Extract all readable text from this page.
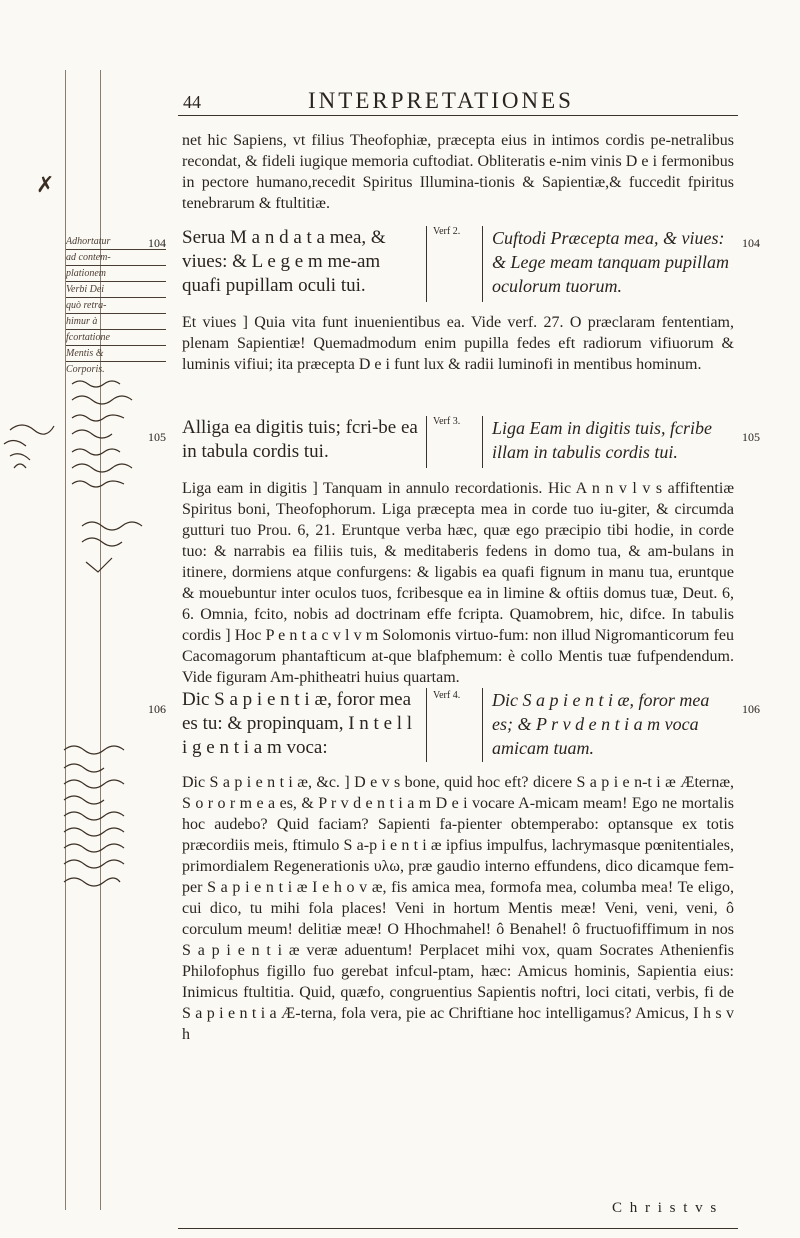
✗
Adhortatur
ad contem-
plationem
Verbi Dei
quò retra-
himur à
fcortatione
Mentis &
Corporis.
44	INTERPRETATIONES
net hic Sapiens, vt filius Theofophiæ, præcepta eius in intimos cordis pe-netralibus recondat, & fideli iugique memoria cuftodiat. Obliteratis e-nim vinis D e i fermonibus in pectore humano,recedit Spiritus Illumina-tionis & Sapientiæ,& fuccedit fpiritus tenebrarum & ftultitiæ.
Serua M a n d a t a mea, & viues: & L e g e m me-am quafi pupillam oculi tui.
Verf 2. Cuftodi Præcepta mea, & viues: & Lege meam tanquam pupillam oculorum tuorum.
104	104
Et viues ] Quia vita funt inuenientibus ea. Vide verf. 27. O præclaram fententiam, plenam Sapientiæ! Quemadmodum enim pupilla fedes eft radiorum vifiuorum & luminis vifiui; ita præcepta D e i funt lux & radii luminofi in mentibus hominum.
Alliga ea digitis tuis; fcri-be ea in tabula cordis tui.
Verf 3. Liga Eam in digitis tuis, fcribe illam in tabulis cordis tui.
105	105
Liga eam in digitis ] Tanquam in annulo recordationis. Hic A n n v l v s affiftentiæ Spiritus boni, Theofophorum. Liga præcepta mea in corde tuo iu-giter, & circumda gutturi tuo Prou. 6, 21. Eruntque verba hæc, quæ ego præcipio tibi hodie, in corde tuo: & narrabis ea filiis tuis, & meditaberis fedens in domo tua, & am-bulans in itinere, dormiens atque confurgens: & ligabis ea quafi fignum in manu tua, eruntque & mouebuntur inter oculos tuos, fcribesque ea in limine & oftiis domus tuæ, Deut. 6, 6. Omnia, fcito, nobis ad doctrinam effe fcripta. Quamobrem, hic, difce. In tabulis cordis ] Hoc P e n t a c v l v m Solomonis virtuo-fum: non illud Nigromanticorum feu Cacomagorum phantafticum at-que blafphemum: è collo Mentis tuæ fufpendendum. Vide figuram Am-phitheatri huius quartam.
Dic S a p i e n t i æ, foror mea es tu: & propinquam, I n t e l l i g e n t i a m voca:
Verf 4. Dic S a p i e n t i æ, foror mea es; & P r v d e n t i a m voca amicam tuam.
106	106
Dic S a p i e n t i æ, &c. ] D e v s bone, quid hoc eft? dicere S a p i e n-t i æ Æternæ, S o r o r m e a es, & P r v d e n t i a m D e i vocare A-micam meam! Ego ne mortalis hoc audebo? Quid faciam? Sapienti fa-pienter obtemperabo: optansque ex totis præcordiis meis, ftimulo S a-p i e n t i æ ipfius impulfus, lachrymasque pœnitentiales, primordialem Regenerationis υλω, præ gaudio interno effundens, dico dicamque fem-per S a p i e n t i æ I e h o v æ, fis amica mea, formofa mea, columba mea! Te eligo, cui dico, tu mihi fola places! Veni in hortum Mentis meæ! Veni, veni, veni, ô corculum meum! delitiæ meæ! O Hhochmahel! ô Benahel! ô fructuofiffimum in nos S a p i e n t i æ veræ aduentum! Perplacet mihi vox, quam Socrates Athenienfis Philofophus figillo fuo gerebat infcul-ptam, hæc: Amicus hominis, Sapientia eius: Inimicus ftultitia. Quid, quæfo, congruentius Sapientis noftri, loci citati, verbis, fi de S a p i e n t i a Æ-terna, fola vera, pie ac Chriftiane hoc intelligamus? Amicus, I h s v h
C h r i s t v s
